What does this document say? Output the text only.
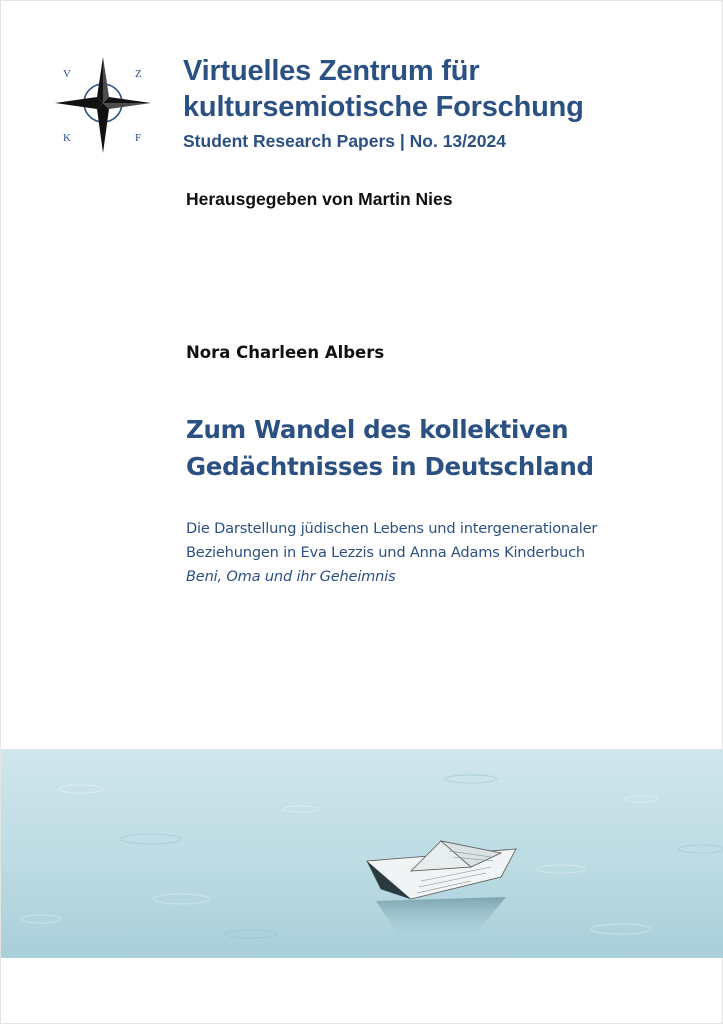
V	Z
K	F
Virtuelles Zentrum für
kultursemiotische Forschung
Student Research Papers | No. 13/2024
Herausgegeben von Martin Nies
Nora Charleen Albers
Zum Wandel des kollektiven
Gedächtnisses in Deutschland
Die Darstellung jüdischen Lebens und intergenerationaler
Beziehungen in Eva Lezzis und Anna Adams Kinderbuch
Beni, Oma und ihr Geheimnis
